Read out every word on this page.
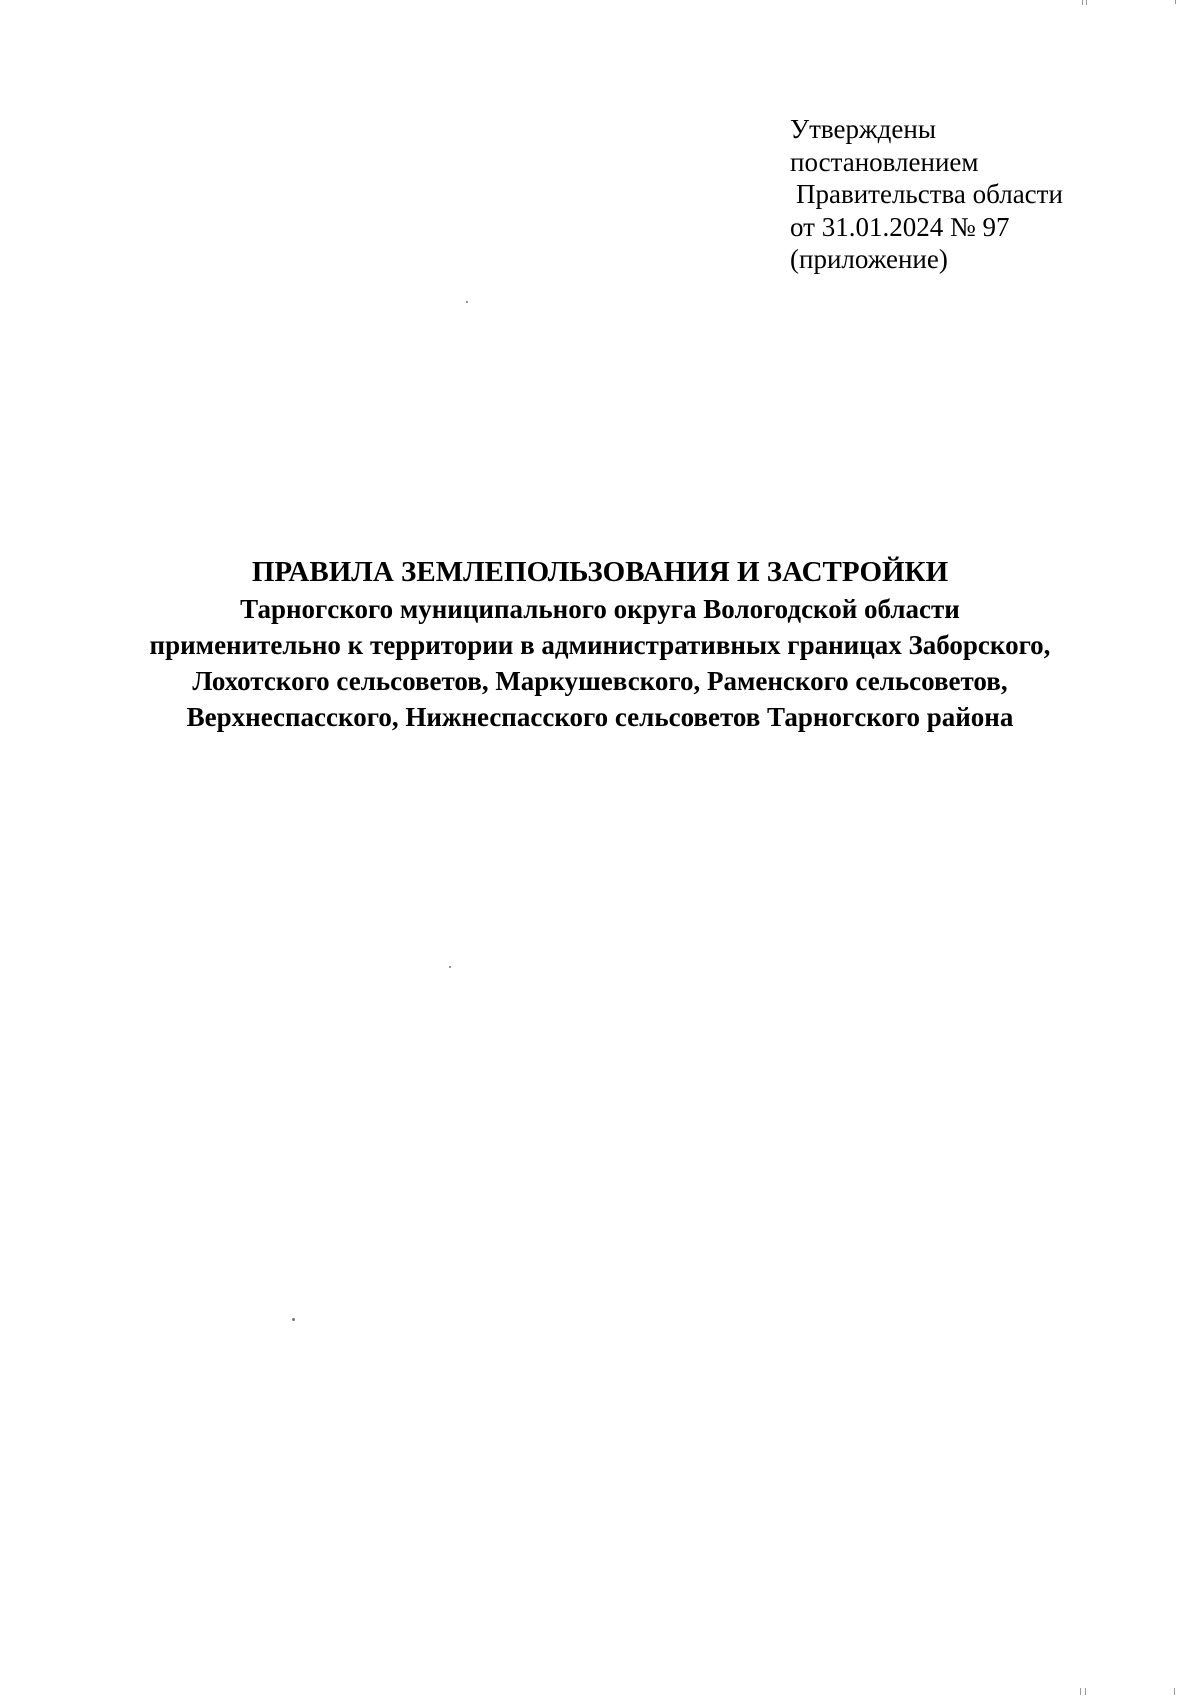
Утверждены
постановлением
Правительства области
от 31.01.2024 № 97
(приложение)
ПРАВИЛА ЗЕМЛЕПОЛЬЗОВАНИЯ И ЗАСТРОЙКИ
Тарногского муниципального округа Вологодской области
применительно к территории в административных границах Заборского,
Лохотского сельсоветов, Маркушевского, Раменского сельсоветов,
Верхнеспасского, Нижнеспасского сельсоветов Тарногского района
